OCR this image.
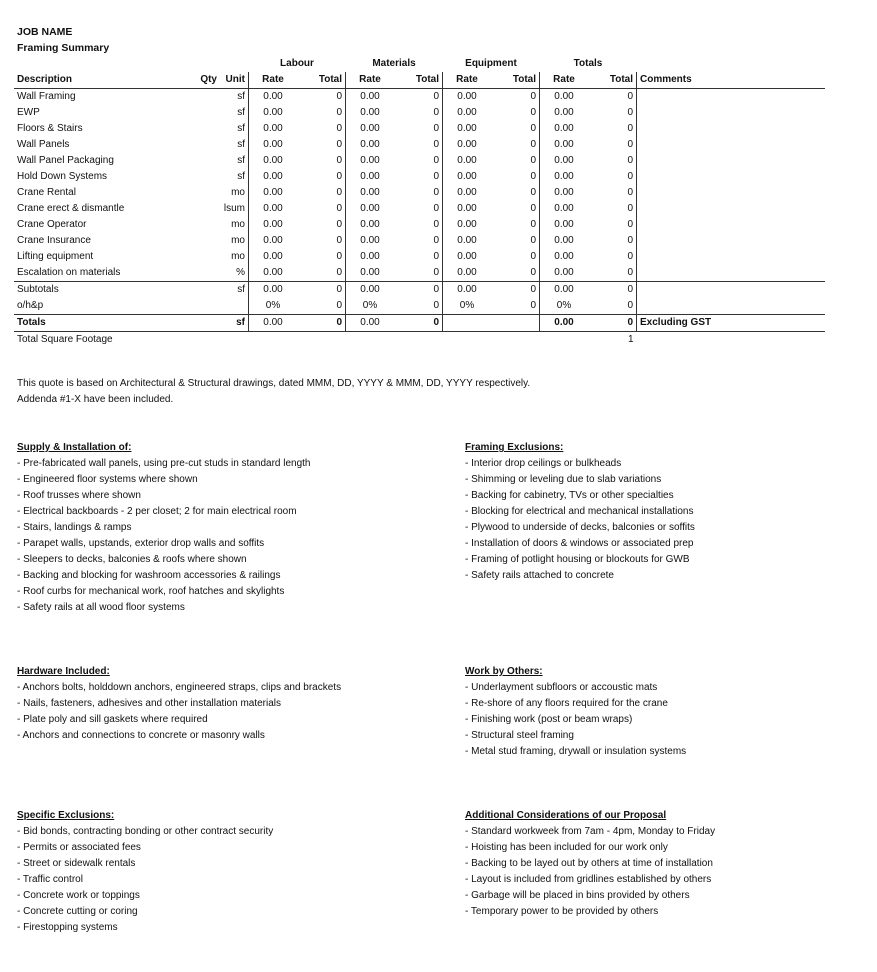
JOB NAME
Framing Summary
			Labour		Materials		Equipment		Totals		
Description	Qty	Unit	Rate	Total	Rate	Total	Rate	Total	Rate	Total	Comments
Wall Framing		sf	0.00	0	0.00	0	0.00	0	0.00	0	
EWP		sf	0.00	0	0.00	0	0.00	0	0.00	0	
Floors & Stairs		sf	0.00	0	0.00	0	0.00	0	0.00	0	
Wall Panels		sf	0.00	0	0.00	0	0.00	0	0.00	0	
Wall Panel Packaging		sf	0.00	0	0.00	0	0.00	0	0.00	0	
Hold Down Systems		sf	0.00	0	0.00	0	0.00	0	0.00	0	
Crane Rental		mo	0.00	0	0.00	0	0.00	0	0.00	0	
Crane erect & dismantle		lsum	0.00	0	0.00	0	0.00	0	0.00	0	
Crane Operator		mo	0.00	0	0.00	0	0.00	0	0.00	0	
Crane Insurance		mo	0.00	0	0.00	0	0.00	0	0.00	0	
Lifting equipment		mo	0.00	0	0.00	0	0.00	0	0.00	0	
Escalation on materials		%	0.00	0	0.00	0	0.00	0	0.00	0	
Subtotals		sf	0.00	0	0.00	0	0.00	0	0.00	0	
o/h&p			0%	0	0%	0	0%	0	0%	0	
Totals		sf	0.00	0	0.00	0			0.00	0	Excluding GST
Total Square Footage										1	
This quote is based on Architectural & Structural drawings, dated MMM, DD, YYYY & MMM, DD, YYYY respectively.
Addenda #1-X have been included.
Supply & Installation of:
- Pre-fabricated wall panels, using pre-cut studs in standard length
- Engineered floor systems where shown
- Roof trusses where shown
- Electrical backboards - 2 per closet; 2 for main electrical room
- Stairs, landings & ramps
- Parapet walls, upstands, exterior drop walls and soffits
- Sleepers to decks, balconies & roofs where shown
- Backing and blocking for washroom accessories & railings
- Roof curbs for mechanical work, roof hatches and skylights
- Safety rails at all wood floor systems
Framing Exclusions:
- Interior drop ceilings or bulkheads
- Shimming or leveling due to slab variations
- Backing for cabinetry, TVs or other specialties
- Blocking for electrical and mechanical installations
- Plywood to underside of decks, balconies or soffits
- Installation of doors & windows or associated prep
- Framing of potlight housing or blockouts for GWB
- Safety rails attached to concrete
Hardware Included:
- Anchors bolts, holddown anchors, engineered straps, clips and brackets
- Nails, fasteners, adhesives and other installation materials
- Plate poly and sill gaskets where required
- Anchors and connections to concrete or masonry walls
Work by Others:
- Underlayment subfloors or accoustic mats
- Re-shore of any floors required for the crane
- Finishing work (post or beam wraps)
- Structural steel framing
- Metal stud framing, drywall or insulation systems
Specific Exclusions:
- Bid bonds, contracting bonding or other contract security
- Permits or associated fees
- Street or sidewalk rentals
- Traffic control
- Concrete work or toppings
- Concrete cutting or coring
- Firestopping systems
Additional Considerations of our Proposal
- Standard workweek from 7am - 4pm, Monday to Friday
- Hoisting has been included for our work only
- Backing to be layed out by others at time of installation
- Layout is included from gridlines established by others
- Garbage will be placed in bins provided by others
- Temporary power to be provided by others
